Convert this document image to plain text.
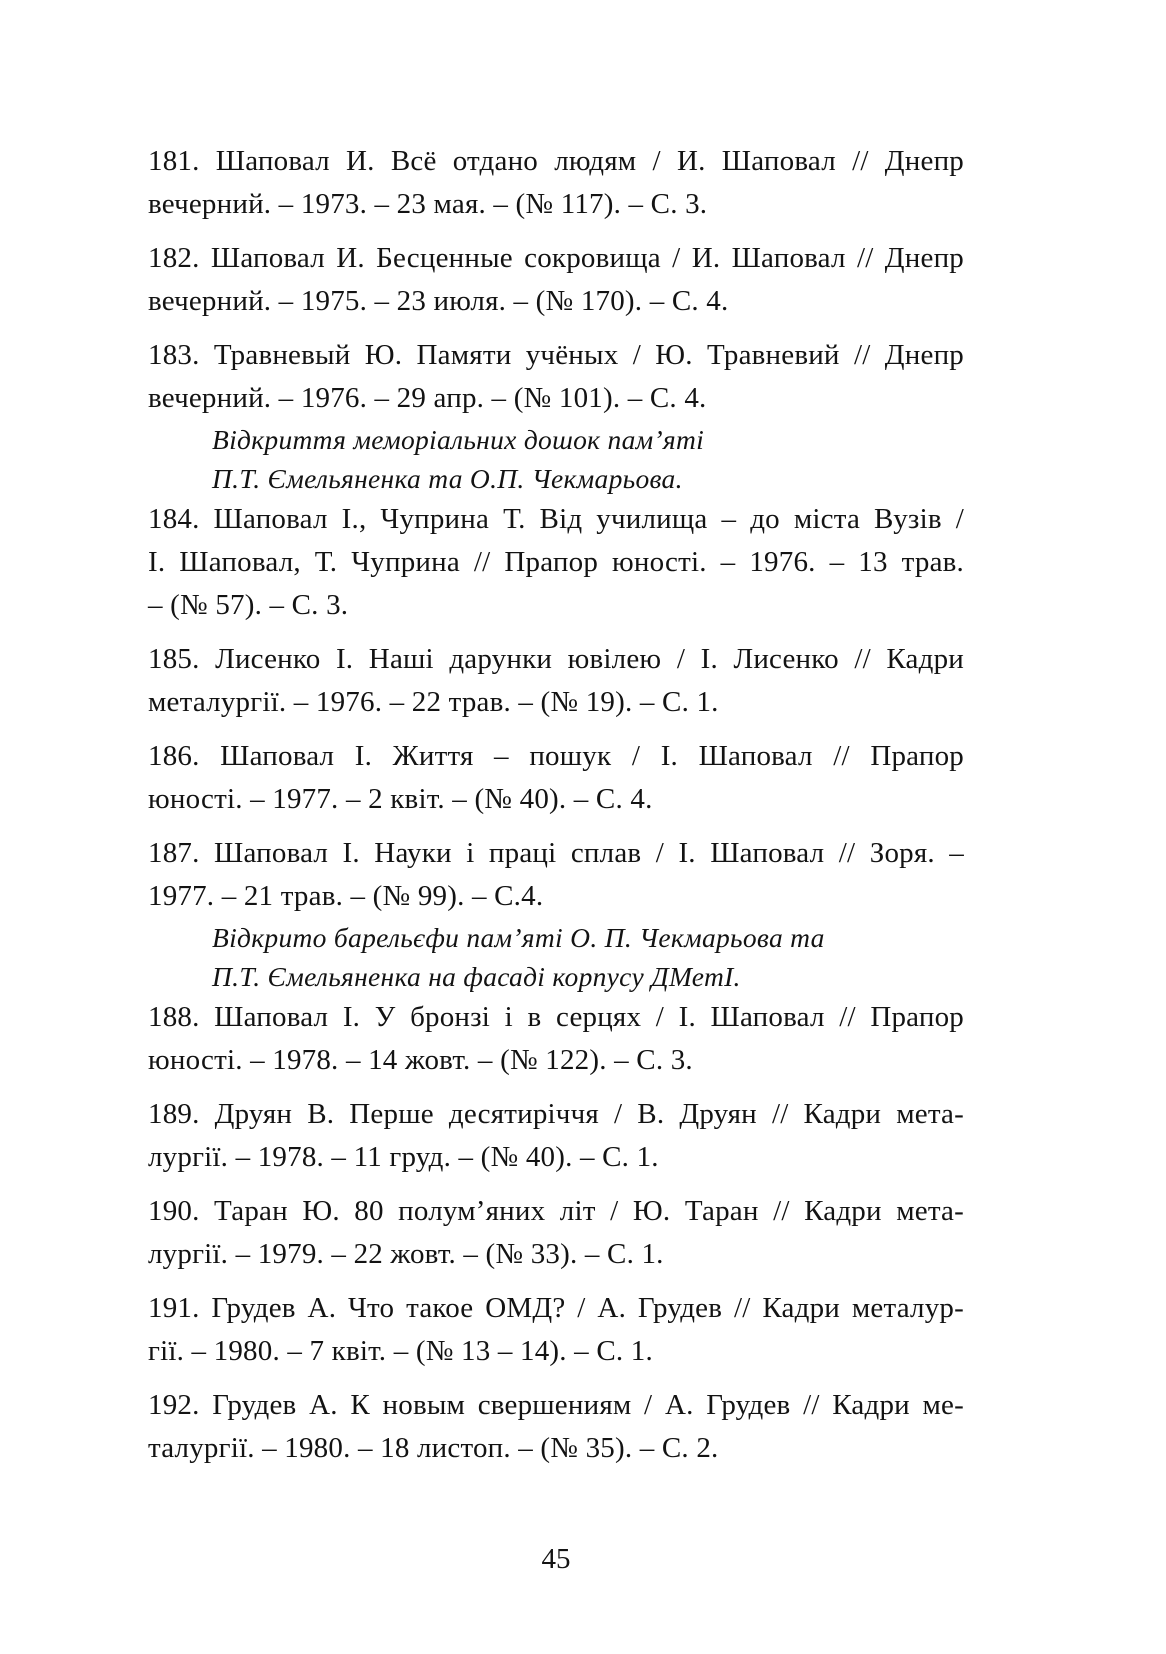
181. Шаповал И. Всё отдано людям / И. Шаповал // Днепр
вечерний. – 1973. – 23 мая. – (№ 117). – С. 3.
182. Шаповал И. Бесценные сокровища / И. Шаповал // Днепр
вечерний. – 1975. – 23 июля. – (№ 170). – С. 4.
183. Травневый Ю. Памяти учёных / Ю. Травневий // Днепр
вечерний. – 1976. – 29 апр. – (№ 101). – С. 4.
Відкриття меморіальних дошок пам’яті
П.Т. Ємельяненка та О.П. Чекмарьова.
184. Шаповал І., Чуприна Т. Від училища – до міста Вузів /
І. Шаповал, Т. Чуприна // Прапор юності. – 1976. – 13 трав.
– (№ 57). – С. 3.
185. Лисенко І. Наші дарунки ювілею / І. Лисенко // Кадри
металургії. – 1976. – 22 трав. – (№ 19). – С. 1.
186. Шаповал І. Життя – пошук / І. Шаповал // Прапор
юності. – 1977. – 2 квіт. – (№ 40). – С. 4.
187. Шаповал І. Науки і праці сплав / І. Шаповал // Зоря. –
1977. – 21 трав. – (№ 99). – С.4.
Відкрито барельєфи пам’яті О. П. Чекмарьова та
П.Т. Ємельяненка на фасаді корпусу ДМетІ.
188. Шаповал І. У бронзі і в серцях / І. Шаповал // Прапор
юності. – 1978. – 14 жовт. – (№ 122). – С. 3.
189. Друян В. Перше десятиріччя / В. Друян // Кадри мета-
лургії. – 1978. – 11 груд. – (№ 40). – С. 1.
190. Таран Ю. 80 полум’яних літ / Ю. Таран // Кадри мета-
лургії. – 1979. – 22 жовт. – (№ 33). – С. 1.
191. Грудев А. Что такое ОМД? / А. Грудев // Кадри металур-
гії. – 1980. – 7 квіт. – (№ 13 – 14). – С. 1.
192. Грудев А. К новым свершениям / А. Грудев // Кадри ме-
талургії. – 1980. – 18 листоп. – (№ 35). – С. 2.
45
